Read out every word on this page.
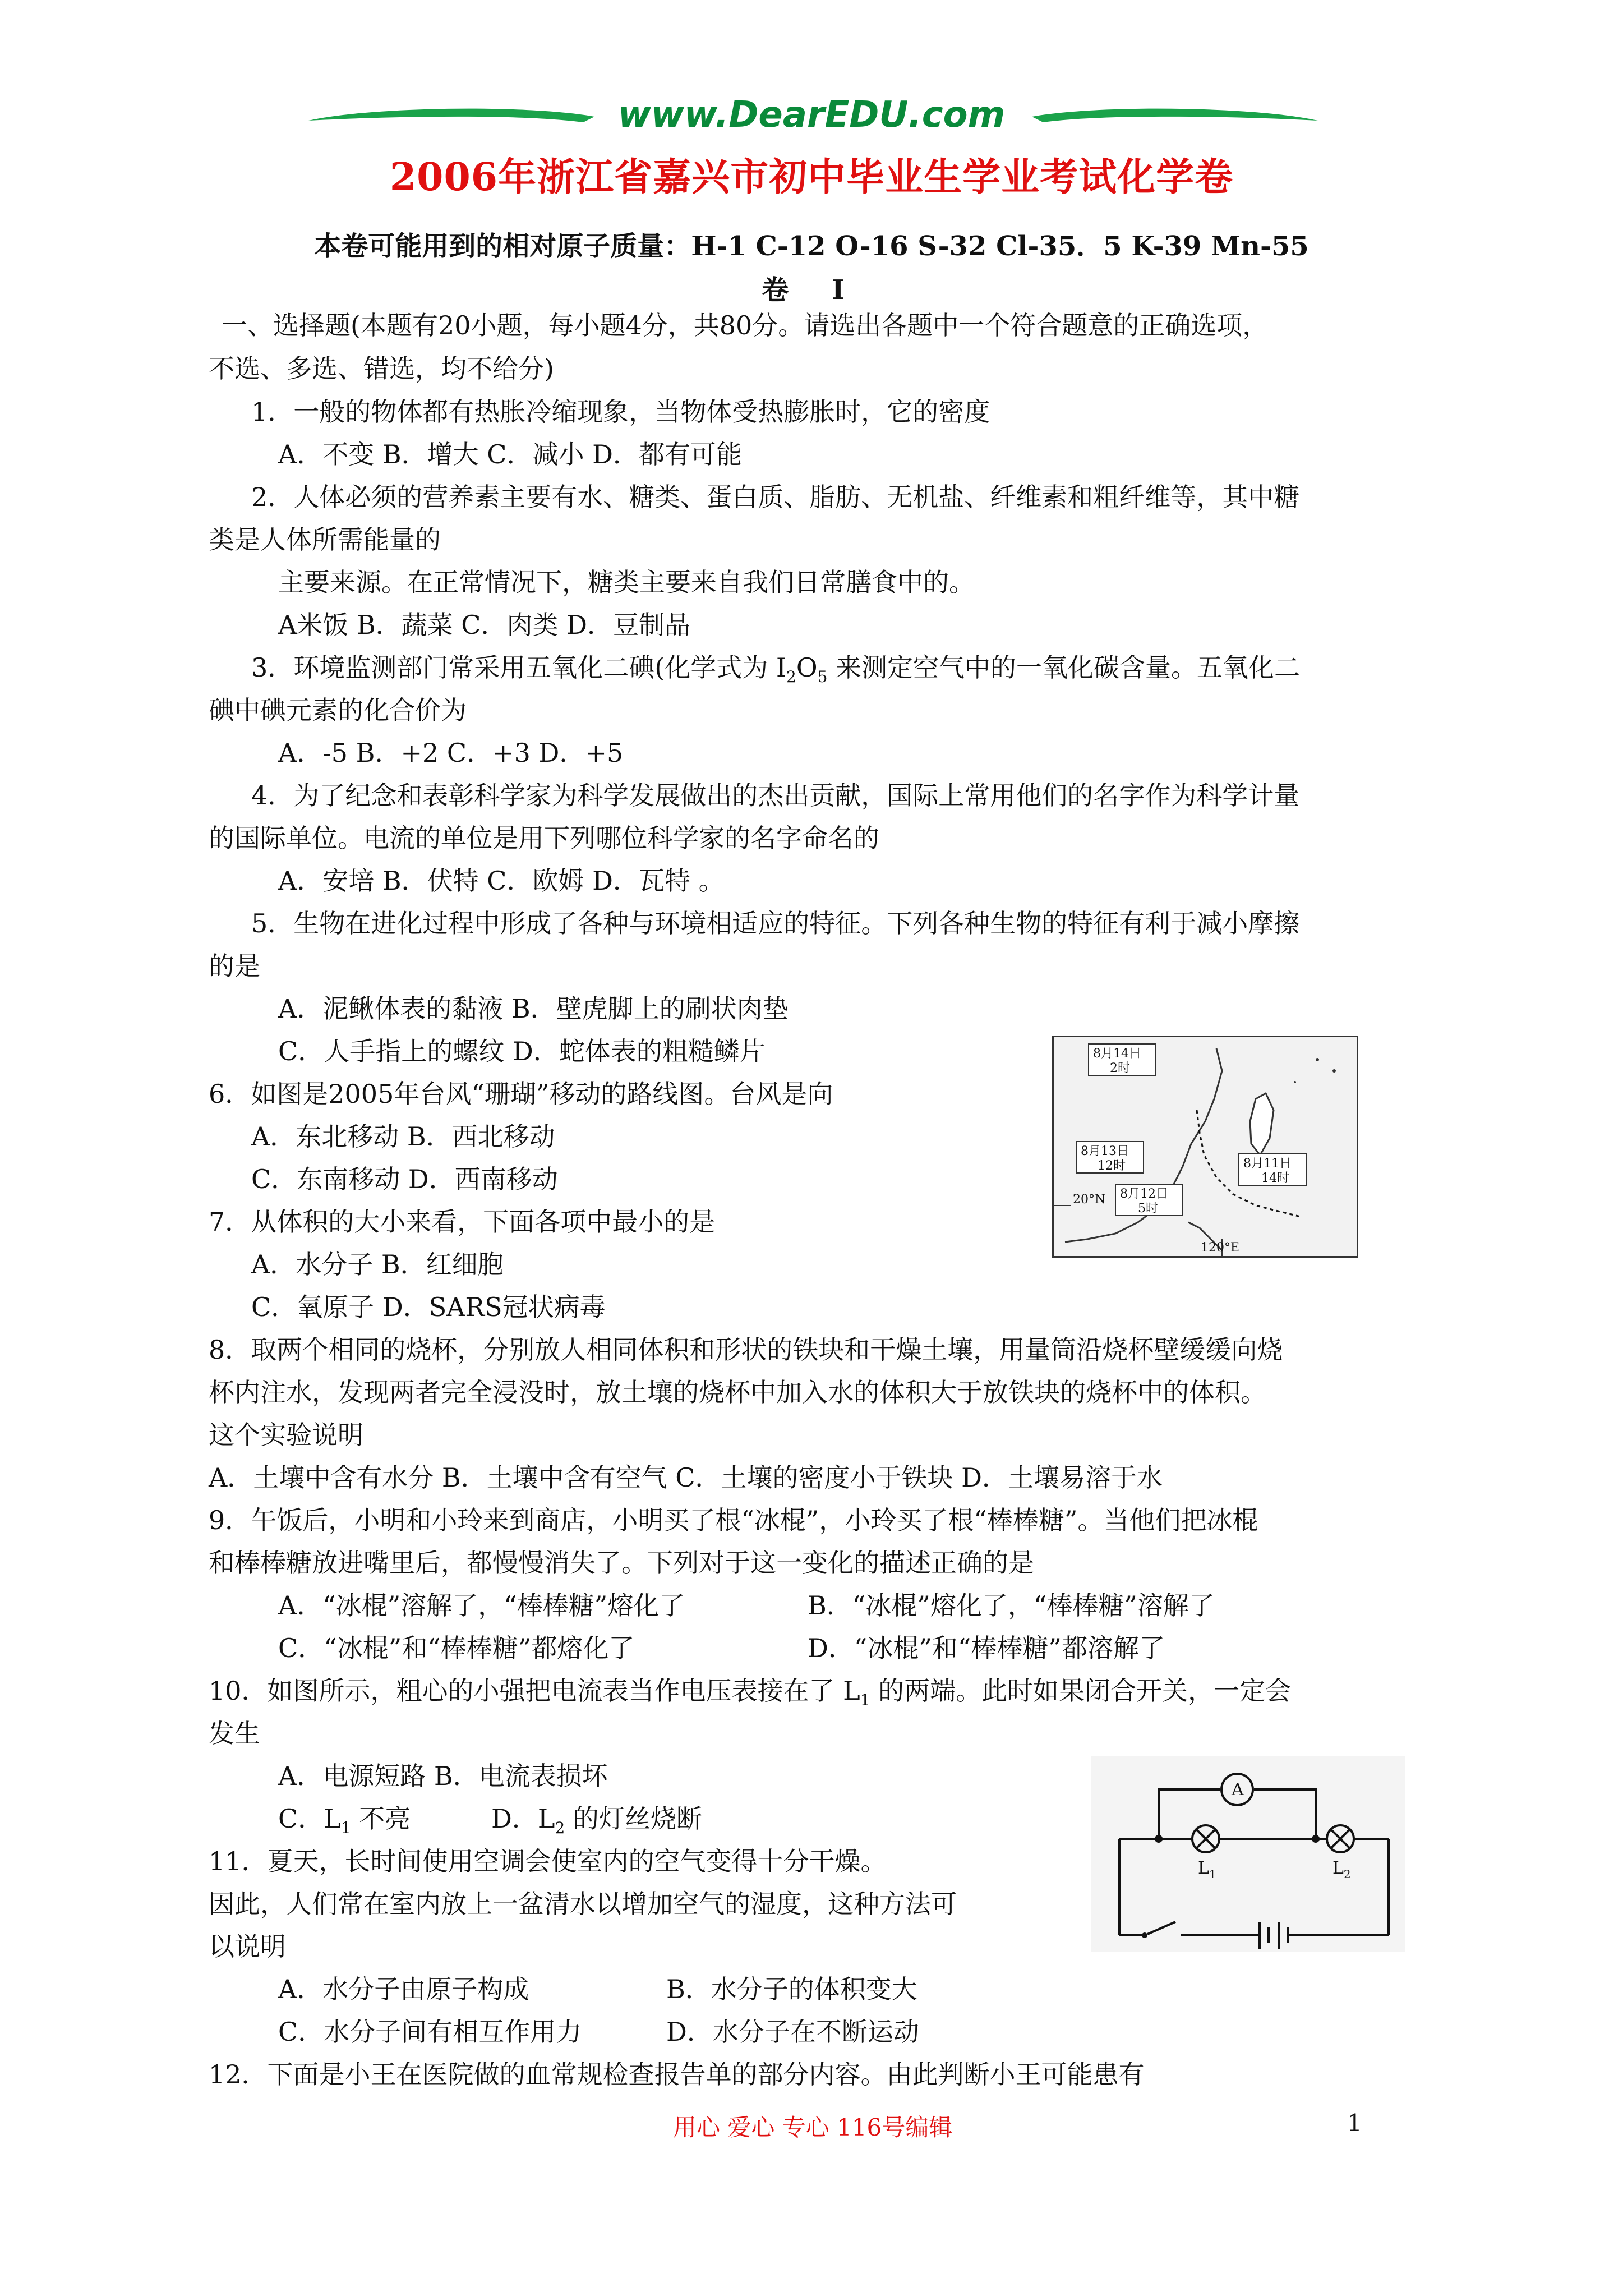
www.DearEDU.com
2006年浙江省嘉兴市初中毕业生学业考试化学卷
本卷可能用到的相对原子质量：H-1 C-12 O-16 S-32 Cl-35．5 K-39 Mn-55
卷 Ⅰ
一、选择题(本题有20小题，每小题4分，共80分。请选出各题中一个符合题意的正确选项，
不选、多选、错选，均不给分)
1．一般的物体都有热胀冷缩现象，当物体受热膨胀时，它的密度
A．不变 B．增大 C．减小 D．都有可能
2．人体必须的营养素主要有水、糖类、蛋白质、脂肪、无机盐、纤维素和粗纤维等，其中糖
类是人体所需能量的
主要来源。在正常情况下，糖类主要来自我们日常膳食中的。
A米饭 B．蔬菜 C．肉类 D．豆制品
3．环境监测部门常采用五氧化二碘(化学式为 $I_2O_5$ 来测定空气中的一氧化碳含量。五氧化二
碘中碘元素的化合价为
A．-5 B．+2 C．+3 D．+5
4．为了纪念和表彰科学家为科学发展做出的杰出贡献，国际上常用他们的名字作为科学计量
的国际单位。电流的单位是用下列哪位科学家的名字命名的
A．安培 B．伏特 C．欧姆 D．瓦特 。
5．生物在进化过程中形成了各种与环境相适应的特征。下列各种生物的特征有利于减小摩擦
的是
A．泥鳅体表的黏液 B．壁虎脚上的刷状肉垫
C．人手指上的螺纹 D．蛇体表的粗糙鳞片
6．如图是2005年台风“珊瑚”移动的路线图。台风是向
A．东北移动 B．西北移动
C．东南移动 D．西南移动
8月14日
2时
8月13日
12时
8月12日
5时
8月11日
14时
20°N
120°E
7．从体积的大小来看，下面各项中最小的是
A．水分子 B．红细胞
C．氧原子 D．SARS冠状病毒
8．取两个相同的烧杯，分别放人相同体积和形状的铁块和干燥土壤，用量筒沿烧杯壁缓缓向烧
杯内注水，发现两者完全浸没时，放土壤的烧杯中加入水的体积大于放铁块的烧杯中的体积。
这个实验说明
A．土壤中含有水分 B．土壤中含有空气 C．土壤的密度小于铁块 D．土壤易溶于水
9．午饭后，小明和小玲来到商店，小明买了根“冰棍”，小玲买了根“棒棒糖”。当他们把冰棍
和棒棒糖放进嘴里后，都慢慢消失了。下列对于这一变化的描述正确的是
A．“冰棍”溶解了，“棒棒糖”熔化了	B．“冰棍”熔化了，“棒棒糖”溶解了
C．“冰棍”和“棒棒糖”都熔化了	D．“冰棍”和“棒棒糖”都溶解了
10．如图所示，粗心的小强把电流表当作电压表接在了 $L_1$ 的两端。此时如果闭合开关，一定会
发生
A．电源短路 B．电流表损坏
C．$L_1$ 不亮	D．$L_2$ 的灯丝烧断
A
$L_1$	$L_2$
11．夏天，长时间使用空调会使室内的空气变得十分干燥。
因此，人们常在室内放上一盆清水以增加空气的湿度，这种方法可
以说明
A．水分子由原子构成	B．水分子的体积变大
C．水分子间有相互作用力	D．水分子在不断运动
12．下面是小王在医院做的血常规检查报告单的部分内容。由此判断小王可能患有
用心 爱心 专心 116号编辑	1
